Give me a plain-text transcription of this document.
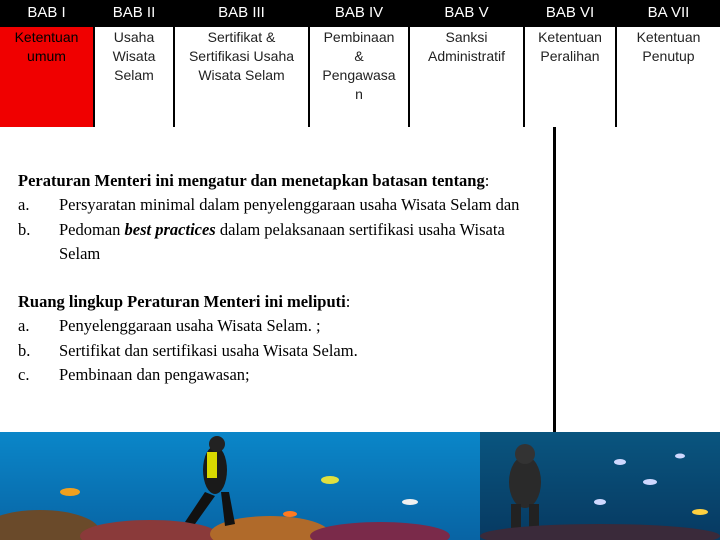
BAB I
Ketentuan
umum
BAB II
Usaha
Wisata
Selam
BAB III
Sertifikat &
Sertifikasi Usaha
Wisata Selam
BAB IV
Pembinaan
&
Pengawasa
n
BAB V
Sanksi
Administratif
BAB VI
Ketentuan
Peralihan
BA VII
Ketentuan
Penutup
Peraturan Menteri ini mengatur dan menetapkan batasan tentang:
a. Persyaratan minimal dalam penyelenggaraan usaha Wisata Selam dan
b. Pedoman best practices dalam pelaksanaan sertifikasi usaha Wisata Selam
Ruang lingkup Peraturan Menteri ini meliputi:
a. Penyelenggaraan usaha Wisata Selam. ;
b. Sertifikat dan sertifikasi usaha Wisata Selam.
c. Pembinaan dan pengawasan;
